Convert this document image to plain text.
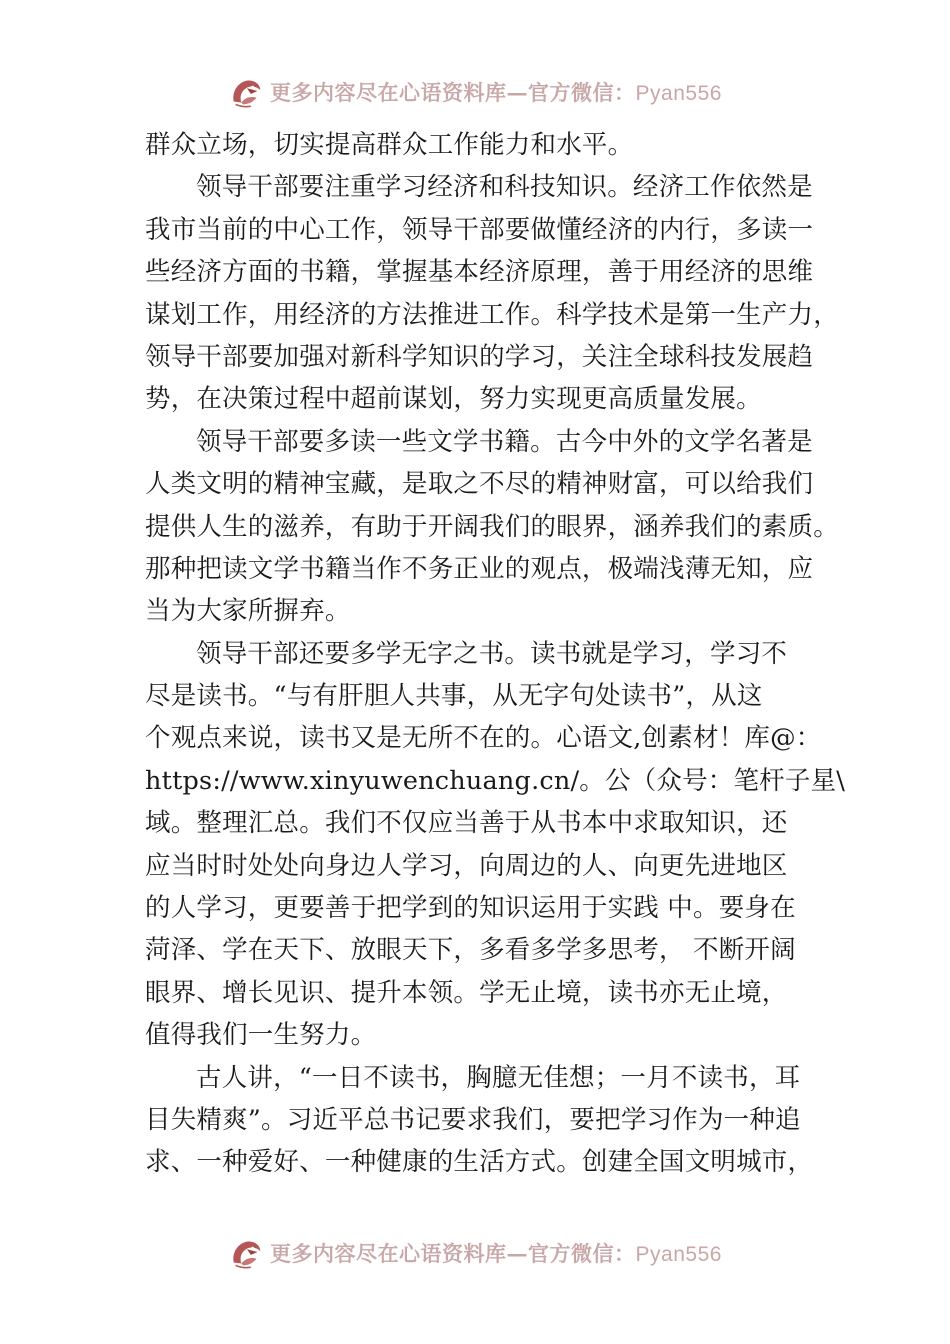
更多内容尽在心语资料库—官方微信：Pyan556
群众立场，切实提高群众工作能力和水平。
领导干部要注重学习经济和科技知识。经济工作依然是
我市当前的中心工作，领导干部要做懂经济的内行，多读一
些经济方面的书籍，掌握基本经济原理，善于用经济的思维
谋划工作，用经济的方法推进工作。科学技术是第一生产力，
领导干部要加强对新科学知识的学习，关注全球科技发展趋
势，在决策过程中超前谋划，努力实现更高质量发展。
领导干部要多读一些文学书籍。古今中外的文学名著是
人类文明的精神宝藏，是取之不尽的精神财富，可以给我们
提供人生的滋养，有助于开阔我们的眼界，涵养我们的素质。
那种把读文学书籍当作不务正业的观点，极端浅薄无知，应
当为大家所摒弃。
领导干部还要多学无字之书。读书就是学习，学习不
尽是读书。“与有肝胆人共事，从无字句处读书”，从这
个观点来说，读书又是无所不在的。心语文,创素材！库@：
https://www.xinyuwenchuang.cn/。公（众号：笔杆子星\
域。整理汇总。我们不仅应当善于从书本中求取知识，还
应当时时处处向身边人学习，向周边的人、向更先进地区
的人学习，更要善于把学到的知识运用于实践 中。要身在
菏泽、学在天下、放眼天下，多看多学多思考， 不断开阔
眼界、增长见识、提升本领。学无止境，读书亦无止境，
值得我们一生努力。
古人讲，“一日不读书，胸臆无佳想；一月不读书，耳
目失精爽”。习近平总书记要求我们，要把学习作为一种追
求、一种爱好、一种健康的生活方式。创建全国文明城市，
更多内容尽在心语资料库—官方微信：Pyan556
